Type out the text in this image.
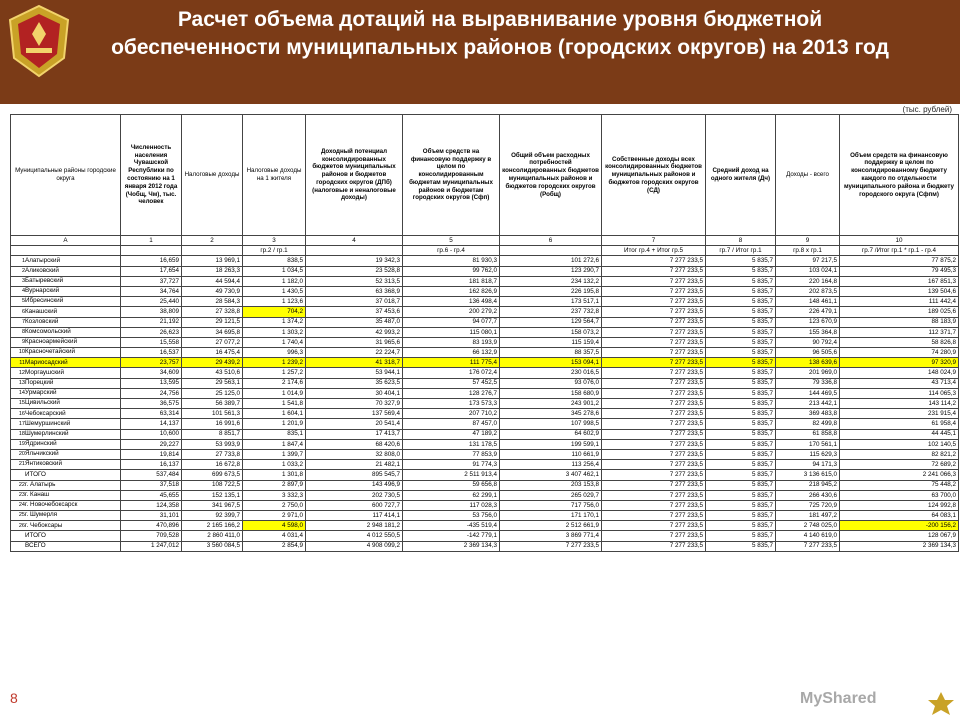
Расчет объема дотаций на выравнивание уровня бюджетной обеспеченности муниципальных районов (городских округов) на 2013 год
(тыс. рублей)
Муниципальные районы городские округа	Численность населения Чувашской Республики по состоянию на 1 января 2012 года (Чобщ, Чм), тыс. человек	Налоговые доходы	Налоговые доходы на 1 жителя	Доходный потенциал консолидированных бюджетов муниципальных районов и бюджетов городских округов (ДПб) (налоговые и неналоговые доходы)	Объем средств на финансовую поддержку в целом по консолидированным бюджетам муниципальных районов и бюджетам городских округов (Сфп)	Общий объем расходных потребностей консолидированных бюджетов муниципальных районов и бюджетов городских округов (Робщ)	Собственные доходы всех консолидированных бюджетов муниципальных районов и бюджетов городских округов (СД)	Средний доход на одного жителя (Дч)	Доходы - всего	Объем средств на финансовую поддержку в целом по консолидированному бюджету каждого по отдельности муниципального района и бюджету городского округа (Сфпм)
А	1	2	3	4	5	6	7	8	9	10
			гр.2 / гр.1		гр.6 - гр.4		Итог гр.4 + Итог гр.5	гр.7 / Итог гр.1	гр.8 x гр.1	гр.7 /Итог гр.1 * гр.1 - гр.4
1Алатырский	16,659	13 969,1	838,5	19 342,3	81 930,3	101 272,6	7 277 233,5	5 835,7	97 217,5	77 875,2
2Аликовский	17,654	18 263,3	1 034,5	23 528,8	99 762,0	123 290,7	7 277 233,5	5 835,7	103 024,1	79 495,3
3Батыревский	37,727	44 594,4	1 182,0	52 313,5	181 818,7	234 132,2	7 277 233,5	5 835,7	220 164,8	167 851,3
4Вурнарский	34,764	49 730,9	1 430,5	63 368,9	162 826,9	226 195,8	7 277 233,5	5 835,7	202 873,5	139 504,6
5Ибресинский	25,440	28 584,3	1 123,6	37 018,7	136 498,4	173 517,1	7 277 233,5	5 835,7	148 461,1	111 442,4
6Канашский	38,809	27 328,8	704,2	37 453,6	200 279,2	237 732,8	7 277 233,5	5 835,7	226 479,1	189 025,6
7Козловский	21,192	29 121,5	1 374,2	35 487,0	94 077,7	129 564,7	7 277 233,5	5 835,7	123 670,9	88 183,9
8Комсомольский	26,623	34 695,8	1 303,2	42 993,2	115 080,1	158 073,2	7 277 233,5	5 835,7	155 364,8	112 371,7
9Красноармейский	15,558	27 077,2	1 740,4	31 965,6	83 193,9	115 159,4	7 277 233,5	5 835,7	90 792,4	58 826,8
10Красночетайский	16,537	16 475,4	996,3	22 224,7	66 132,9	88 357,5	7 277 233,5	5 835,7	96 505,6	74 280,9
11Мариосадский	23,757	29 439,2	1 239,2	41 318,7	111 775,4	153 094,1	7 277 233,5	5 835,7	138 639,6	97 320,9
12Моргаушский	34,609	43 510,6	1 257,2	53 944,1	176 072,4	230 016,5	7 277 233,5	5 835,7	201 969,0	148 024,9
13Порецкий	13,595	29 563,1	2 174,6	35 623,5	57 452,5	93 076,0	7 277 233,5	5 835,7	79 336,8	43 713,4
14Урмарский	24,756	25 125,0	1 014,9	30 404,1	128 276,7	158 680,9	7 277 233,5	5 835,7	144 469,5	114 065,3
15Цивильский	36,575	56 389,7	1 541,8	70 327,9	173 573,3	243 901,2	7 277 233,5	5 835,7	213 442,1	143 114,2
16Чебоксарский	63,314	101 561,3	1 604,1	137 569,4	207 710,2	345 278,6	7 277 233,5	5 835,7	369 483,8	231 915,4
17Шемуршинский	14,137	16 991,6	1 201,9	20 541,4	87 457,0	107 998,5	7 277 233,5	5 835,7	82 499,8	61 958,4
18Шумерлинский	10,600	8 851,7	835,1	17 413,7	47 189,2	64 602,9	7 277 233,5	5 835,7	61 858,8	44 445,1
19Ядринский	29,227	53 993,9	1 847,4	68 420,6	131 178,5	199 599,1	7 277 233,5	5 835,7	170 561,1	102 140,5
20Яльчикский	19,814	27 733,8	1 399,7	32 808,0	77 853,9	110 661,9	7 277 233,5	5 835,7	115 629,3	82 821,2
21Янтиковский	16,137	16 672,8	1 033,2	21 482,1	91 774,3	113 256,4	7 277 233,5	5 835,7	94 171,3	72 689,2
ИТОГО	537,484	699 673,5	1 301,8	895 545,7	2 511 913,4	3 407 462,1	7 277 233,5	5 835,7	3 136 615,0	2 241 066,3
22г. Алатырь	37,518	108 722,5	2 897,9	143 496,9	59 656,8	203 153,8	7 277 233,5	5 835,7	218 945,2	75 448,2
23г. Канаш	45,655	152 135,1	3 332,3	202 730,5	62 299,1	265 029,7	7 277 233,5	5 835,7	266 430,6	63 700,0
24г. Новочебоксарск	124,358	341 967,5	2 750,0	600 727,7	117 028,3	717 756,0	7 277 233,5	5 835,7	725 720,9	124 992,8
25г. Шумерля	31,101	92 399,7	2 971,0	117 414,1	53 756,0	171 170,1	7 277 233,5	5 835,7	181 497,2	64 083,1
26г. Чебоксары	470,896	2 165 166,2	4 598,0	2 948 181,2	-435 519,4	2 512 661,9	7 277 233,5	5 835,7	2 748 025,0	-200 156,2
ИТОГО	709,528	2 860 411,0	4 031,4	4 012 550,5	-142 779,1	3 869 771,4	7 277 233,5	5 835,7	4 140 619,0	128 067,9
ВСЕГО	1 247,012	3 560 084,5	2 854,9	4 908 099,2	2 369 134,3	7 277 233,5	7 277 233,5	5 835,7	7 277 233,5	2 369 134,3
8	MyShared
